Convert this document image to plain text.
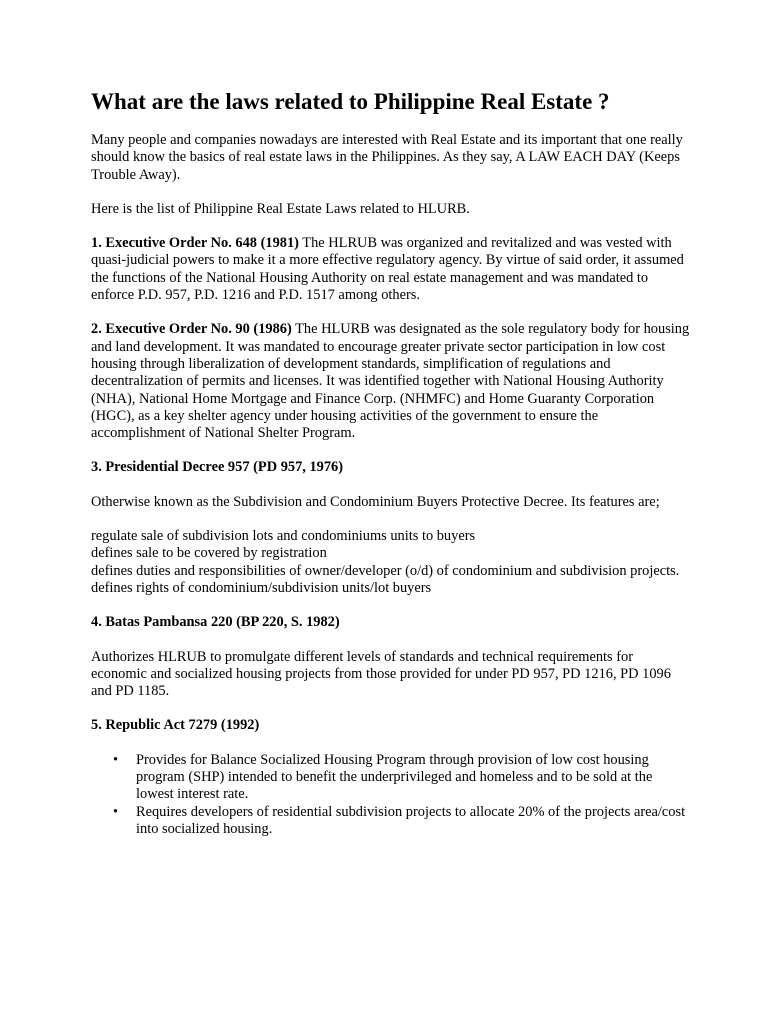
What are the laws related to Philippine Real Estate ?

Many people and companies nowadays are interested with Real Estate and its important that one really should know the basics of real estate laws in the Philippines. As they say, A LAW EACH DAY (Keeps Trouble Away).

Here is the list of Philippine Real Estate Laws related to HLURB.

1. Executive Order No. 648 (1981) The HLRUB was organized and revitalized and was vested with quasi-judicial powers to make it a more effective regulatory agency. By virtue of said order, it assumed the functions of the National Housing Authority on real estate management and was mandated to enforce P.D. 957, P.D. 1216 and P.D. 1517 among others.

2. Executive Order No. 90 (1986) The HLURB was designated as the sole regulatory body for housing and land development. It was mandated to encourage greater private sector participation in low cost housing through liberalization of development standards, simplification of regulations and decentralization of permits and licenses. It was identified together with National Housing Authority (NHA), National Home Mortgage and Finance Corp. (NHMFC) and Home Guaranty Corporation (HGC), as a key shelter agency under housing activities of the government to ensure the accomplishment of National Shelter Program.

3. Presidential Decree 957 (PD 957, 1976)

Otherwise known as the Subdivision and Condominium Buyers Protective Decree. Its features are;

regulate sale of subdivision lots and condominiums units to buyers
defines sale to be covered by registration
defines duties and responsibilities of owner/developer (o/d) of condominium and subdivision projects.
defines rights of condominium/subdivision units/lot buyers

4. Batas Pambansa 220 (BP 220, S. 1982)

Authorizes HLRUB to promulgate different levels of standards and technical requirements for economic and socialized housing projects from those provided for under PD 957, PD 1216, PD 1096 and PD 1185.

5. Republic Act 7279 (1992)

• Provides for Balance Socialized Housing Program through provision of low cost housing program (SHP) intended to benefit the underprivileged and homeless and to be sold at the lowest interest rate.
• Requires developers of residential subdivision projects to allocate 20% of the projects area/cost into socialized housing.
